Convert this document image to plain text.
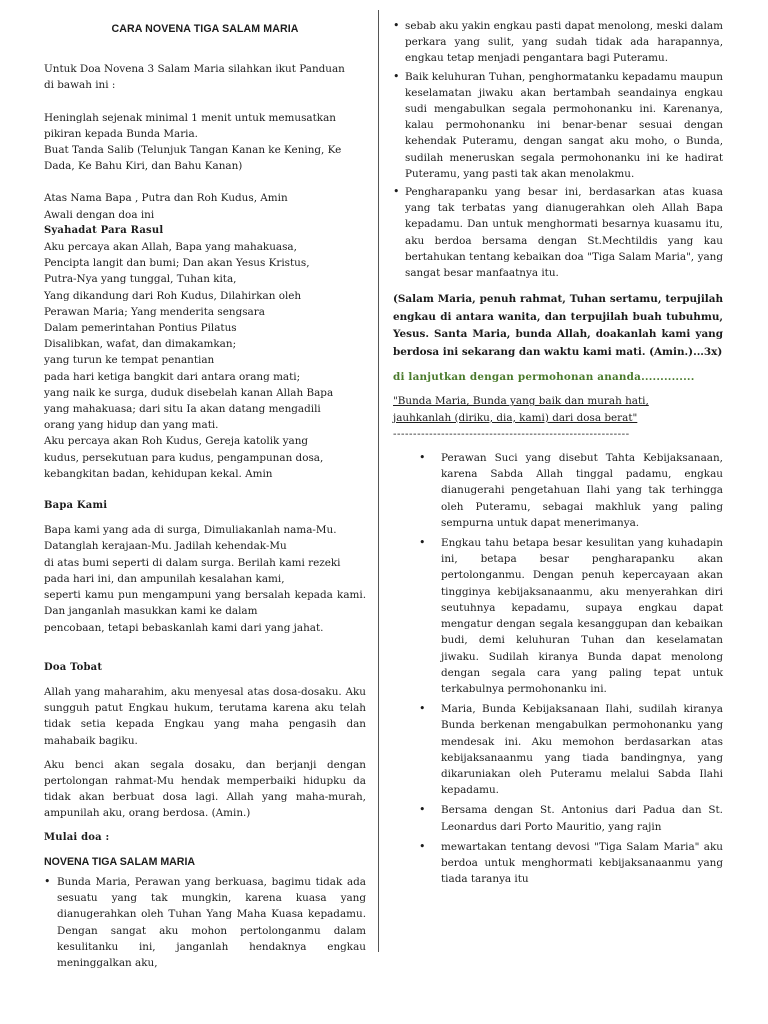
CARA NOVENA TIGA SALAM MARIA

Untuk Doa Novena 3 Salam Maria silahkan ikut Panduan

di bawah ini :

Heninglah sejenak minimal 1 menit untuk memusatkan

pikiran kepada Bunda Maria.

Buat Tanda Salib (Telunjuk Tangan Kanan ke Kening, Ke

Dada, Ke Bahu Kiri, dan Bahu Kanan)

Atas Nama Bapa , Putra dan Roh Kudus, Amin

Awali dengan doa ini

Syahadat Para Rasul

Aku percaya akan Allah, Bapa yang mahakuasa,

Pencipta langit dan bumi; Dan akan Yesus Kristus,

Putra-Nya yang tunggal, Tuhan kita,

Yang dikandung dari Roh Kudus, Dilahirkan oleh

Perawan Maria; Yang menderita sengsara

Dalam pemerintahan Pontius Pilatus

Disalibkan, wafat, dan dimakamkan;

yang turun ke tempat penantian

pada hari ketiga bangkit dari antara orang mati;

yang naik ke surga, duduk disebelah kanan Allah Bapa

yang mahakuasa; dari situ Ia akan datang mengadili

orang yang hidup dan yang mati.

Aku percaya akan Roh Kudus, Gereja katolik yang

kudus, persekutuan para kudus, pengampunan dosa,

kebangkitan badan, kehidupan kekal. Amin

Bapa Kami

Bapa kami yang ada di surga, Dimuliakanlah nama-Mu.

Datanglah kerajaan-Mu. Jadilah kehendak-Mu

di atas bumi seperti di dalam surga. Berilah kami rezeki

pada hari ini, dan ampunilah kesalahan kami,

seperti kamu pun mengampuni yang bersalah kepada kami. Dan janganlah masukkan kami ke dalam

pencobaan, tetapi bebaskanlah kami dari yang jahat.

Doa Tobat

Allah yang maharahim, aku menyesal atas dosa-dosaku. Aku sungguh patut Engkau hukum, terutama karena aku telah tidak setia kepada Engkau yang maha pengasih dan mahabaik bagiku.

Aku benci akan segala dosaku, dan berjanji dengan pertolongan rahmat-Mu hendak memperbaiki hidupku da tidak akan berbuat dosa lagi. Allah yang maha-murah, ampunilah aku, orang berdosa. (Amin.)

Mulai doa :

NOVENA TIGA SALAM MARIA

• Bunda Maria, Perawan yang berkuasa, bagimu tidak ada sesuatu yang tak mungkin, karena kuasa yang dianugerahkan oleh Tuhan Yang Maha Kuasa kepadamu. Dengan sangat aku mohon pertolonganmu dalam kesulitanku ini, janganlah hendaknya engkau meninggalkan aku,
• sebab aku yakin engkau pasti dapat menolong, meski dalam perkara yang sulit, yang sudah tidak ada harapannya, engkau tetap menjadi pengantara bagi Puteramu.
• Baik keluhuran Tuhan, penghormatanku kepadamu maupun keselamatan jiwaku akan bertambah seandainya engkau sudi mengabulkan segala permohonanku ini. Karenanya, kalau permohonanku ini benar-benar sesuai dengan kehendak Puteramu, dengan sangat aku moho, o Bunda, sudilah meneruskan segala permohonanku ini ke hadirat Puteramu, yang pasti tak akan menolakmu.
• Pengharapanku yang besar ini, berdasarkan atas kuasa yang tak terbatas yang dianugerahkan oleh Allah Bapa kepadamu. Dan untuk menghormati besarnya kuasamu itu, aku berdoa bersama dengan St.Mechtildis yang kau bertahukan tentang kebaikan doa "Tiga Salam Maria", yang sangat besar manfaatnya itu.

(Salam Maria, penuh rahmat, Tuhan sertamu, terpujilah engkau di antara wanita, dan terpujilah buah tubuhmu, Yesus. Santa Maria, bunda Allah, doakanlah kami yang berdosa ini sekarang dan waktu kami mati. (Amin.)...3x)

di lanjutkan dengan permohonan ananda..............

"Bunda Maria, Bunda yang baik dan murah hati,

jauhkanlah (diriku, dia, kami) dari dosa berat"

-----------------------------------------------------------

• Perawan Suci yang disebut Tahta Kebijaksanaan, karena Sabda Allah tinggal padamu, engkau dianugerahi pengetahuan Ilahi yang tak terhingga oleh Puteramu, sebagai makhluk yang paling sempurna untuk dapat menerimanya.
• Engkau tahu betapa besar kesulitan yang kuhadapin ini, betapa besar pengharapanku akan pertolonganmu. Dengan penuh kepercayaan akan tingginya kebijaksanaanmu, aku menyerahkan diri seutuhnya kepadamu, supaya engkau dapat mengatur dengan segala kesanggupan dan kebaikan budi, demi keluhuran Tuhan dan keselamatan jiwaku. Sudilah kiranya Bunda dapat menolong dengan segala cara yang paling tepat untuk terkabulnya permohonanku ini.
• Maria, Bunda Kebijaksanaan Ilahi, sudilah kiranya Bunda berkenan mengabulkan permohonanku yang mendesak ini. Aku memohon berdasarkan atas kebijaksanaanmu yang tiada bandingnya, yang dikaruniakan oleh Puteramu melalui Sabda Ilahi kepadamu.
• Bersama dengan St. Antonius dari Padua dan St. Leonardus dari Porto Mauritio, yang rajin
• mewartakan tentang devosi "Tiga Salam Maria" aku berdoa untuk menghormati kebijaksanaanmu yang tiada taranya itu
